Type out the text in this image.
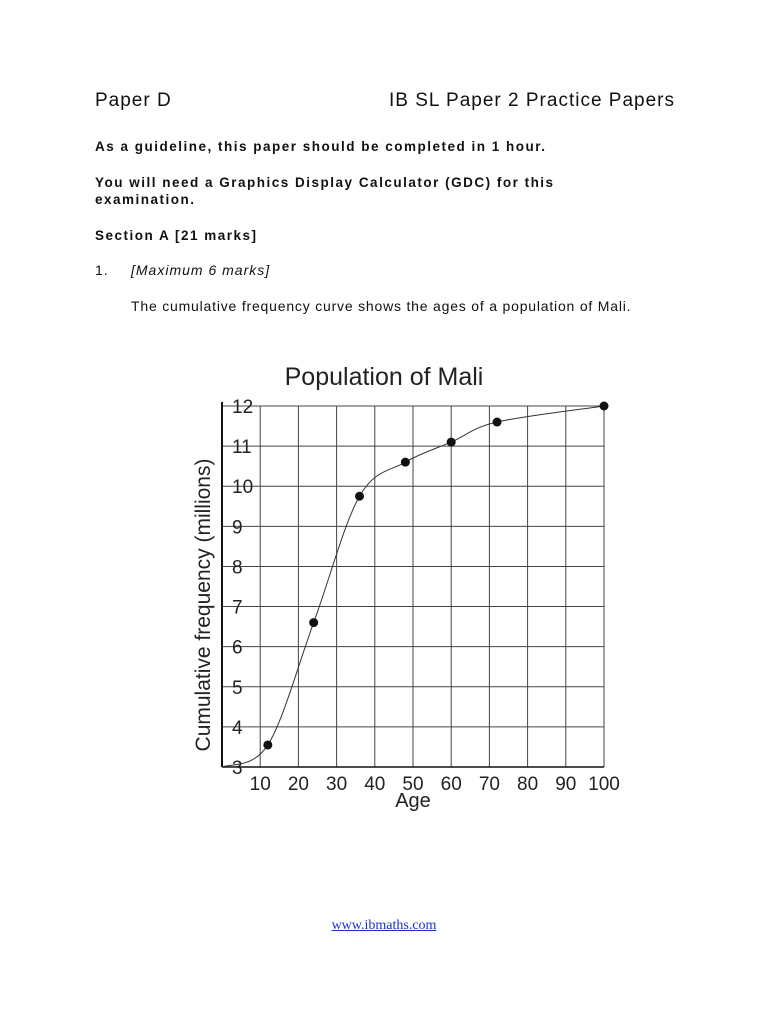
Paper D	IB SL Paper 2 Practice Papers
As a guideline, this paper should be completed in 1 hour.
You will need a Graphics Display Calculator (GDC) for this
examination.
Section A [21 marks]
1. [Maximum 6 marks]
The cumulative frequency curve shows the ages of a population of Mali.
Population of Mali
3
4
5
6
7
8
9
10
11
12
10 20 30 40 50 60 70 80 90 100
Cumulative frequency (millions)
Age
www.ibmaths.com
